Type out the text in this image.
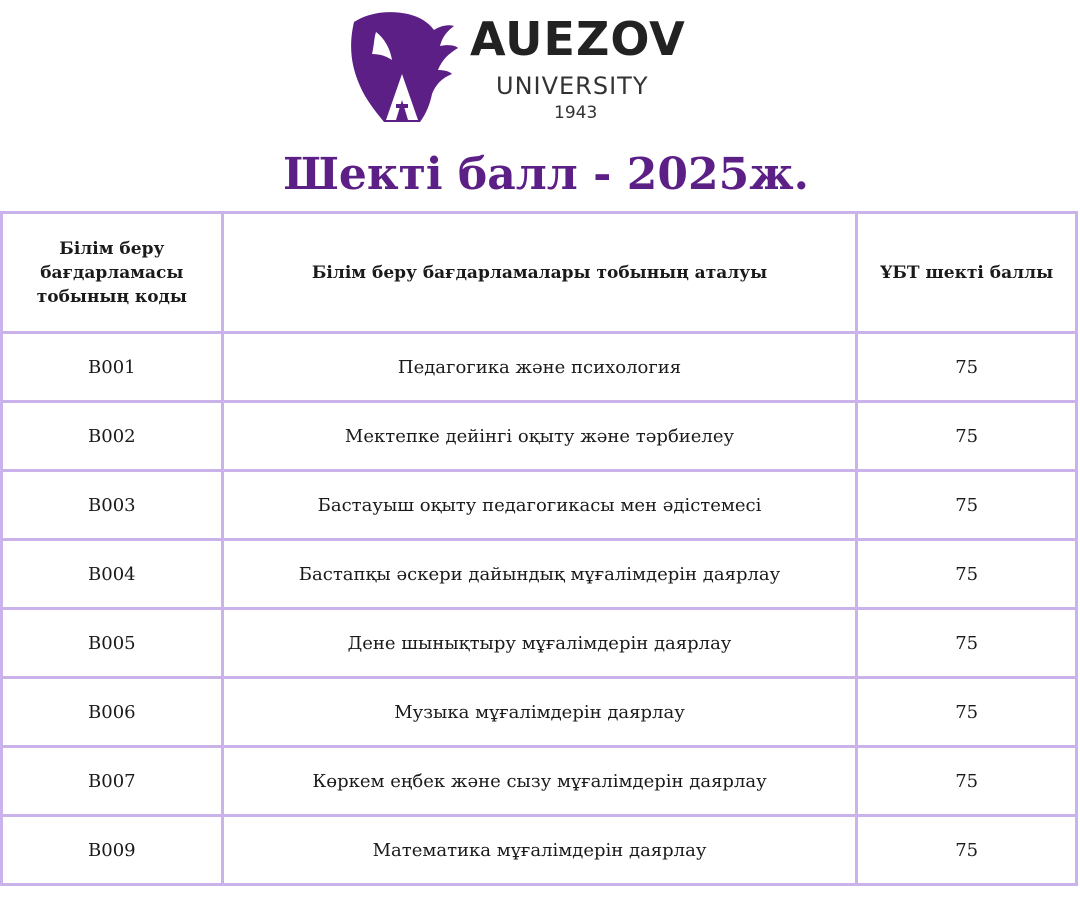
AUEZOV
UNIVERSITY
1943
Шекті балл - 2025ж.
Білім беру бағдарламасы тобының коды	Білім беру бағдарламалары тобының аталуы	ҰБТ шекті баллы
B001	Педагогика және психология	75
B002	Мектепке дейінгі оқыту және тәрбиелеу	75
B003	Бастауыш оқыту педагогикасы мен әдістемесі	75
B004	Бастапқы әскери дайындық мұғалімдерін даярлау	75
B005	Дене шынықтыру мұғалімдерін даярлау	75
B006	Музыка мұғалімдерін даярлау	75
B007	Көркем еңбек және сызу мұғалімдерін даярлау	75
B009	Математика мұғалімдерін даярлау	75
